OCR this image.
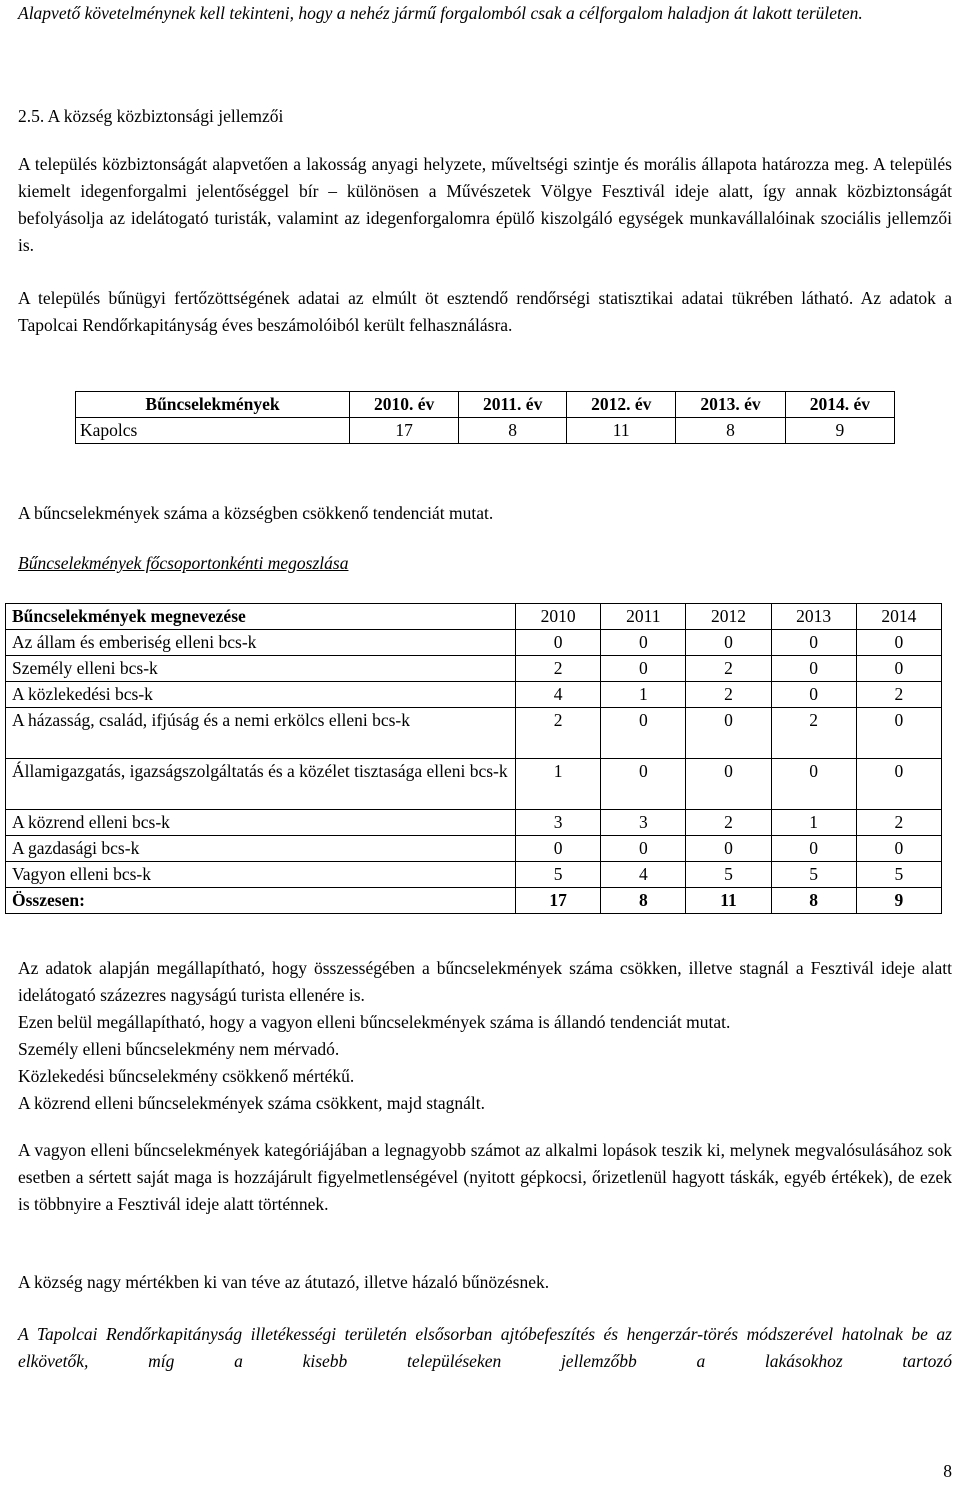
Alapvető követelménynek kell tekinteni, hogy a nehéz jármű forgalomból csak a célforgalom haladjon át lakott területen.

2.5. A község közbiztonsági jellemzői

A település közbiztonságát alapvetően a lakosság anyagi helyzete, műveltségi szintje és morális állapota határozza meg. A település kiemelt idegenforgalmi jelentőséggel bír – különösen a Művészetek Völgye Fesztivál ideje alatt, így annak közbiztonságát befolyásolja az idelátogató turisták, valamint az idegenforgalomra épülő kiszolgáló egységek munkavállalóinak szociális jellemzői is.

A település bűnügyi fertőzöttségének adatai az elmúlt öt esztendő rendőrségi statisztikai adatai tükrében látható. Az adatok a Tapolcai Rendőrkapitányság éves beszámolóiból került felhasználásra.

Bűncselekmények	2010. év	2011. év	2012. év	2013. év	2014. év
Kapolcs	17	8	11	8	9

A bűncselekmények száma a községben csökkenő tendenciát mutat.

Bűncselekmények főcsoportonkénti megoszlása

Bűncselekmények megnevezése	2010	2011	2012	2013	2014
Az állam és emberiség elleni bcs-k	0	0	0	0	0
Személy elleni bcs-k	2	0	2	0	0
A közlekedési bcs-k	4	1	2	0	2
A házasság, család, ifjúság és a nemi erkölcs elleni bcs-k	2	0	0	2	0
Államigazgatás, igazságszolgáltatás és a közélet tisztasága elleni bcs-k	1	0	0	0	0
A közrend elleni bcs-k	3	3	2	1	2
A gazdasági bcs-k	0	0	0	0	0
Vagyon elleni bcs-k	5	4	5	5	5
Összesen:	17	8	11	8	9

Az adatok alapján megállapítható, hogy összességében a bűncselekmények száma csökken, illetve stagnál a Fesztivál ideje alatt idelátogató százezres nagyságú turista ellenére is.

Ezen belül megállapítható, hogy a vagyon elleni bűncselekmények száma is állandó tendenciát mutat.

Személy elleni bűncselekmény nem mérvadó.

Közlekedési bűncselekmény csökkenő mértékű.

A közrend elleni bűncselekmények száma csökkent, majd stagnált.

A vagyon elleni bűncselekmények kategóriájában a legnagyobb számot az alkalmi lopások teszik ki, melynek megvalósulásához sok esetben a sértett saját maga is hozzájárult figyelmetlenségével (nyitott gépkocsi, őrizetlenül hagyott táskák, egyéb értékek), de ezek is többnyire a Fesztivál ideje alatt történnek.

A község nagy mértékben ki van téve az átutazó, illetve házaló bűnözésnek.

A Tapolcai Rendőrkapitányság illetékességi területén elsősorban ajtóbefeszítés és hengerzár-törés módszerével hatolnak be az elkövetők, míg a kisebb településeken jellemzőbb a lakásokhoz tartozó

8
